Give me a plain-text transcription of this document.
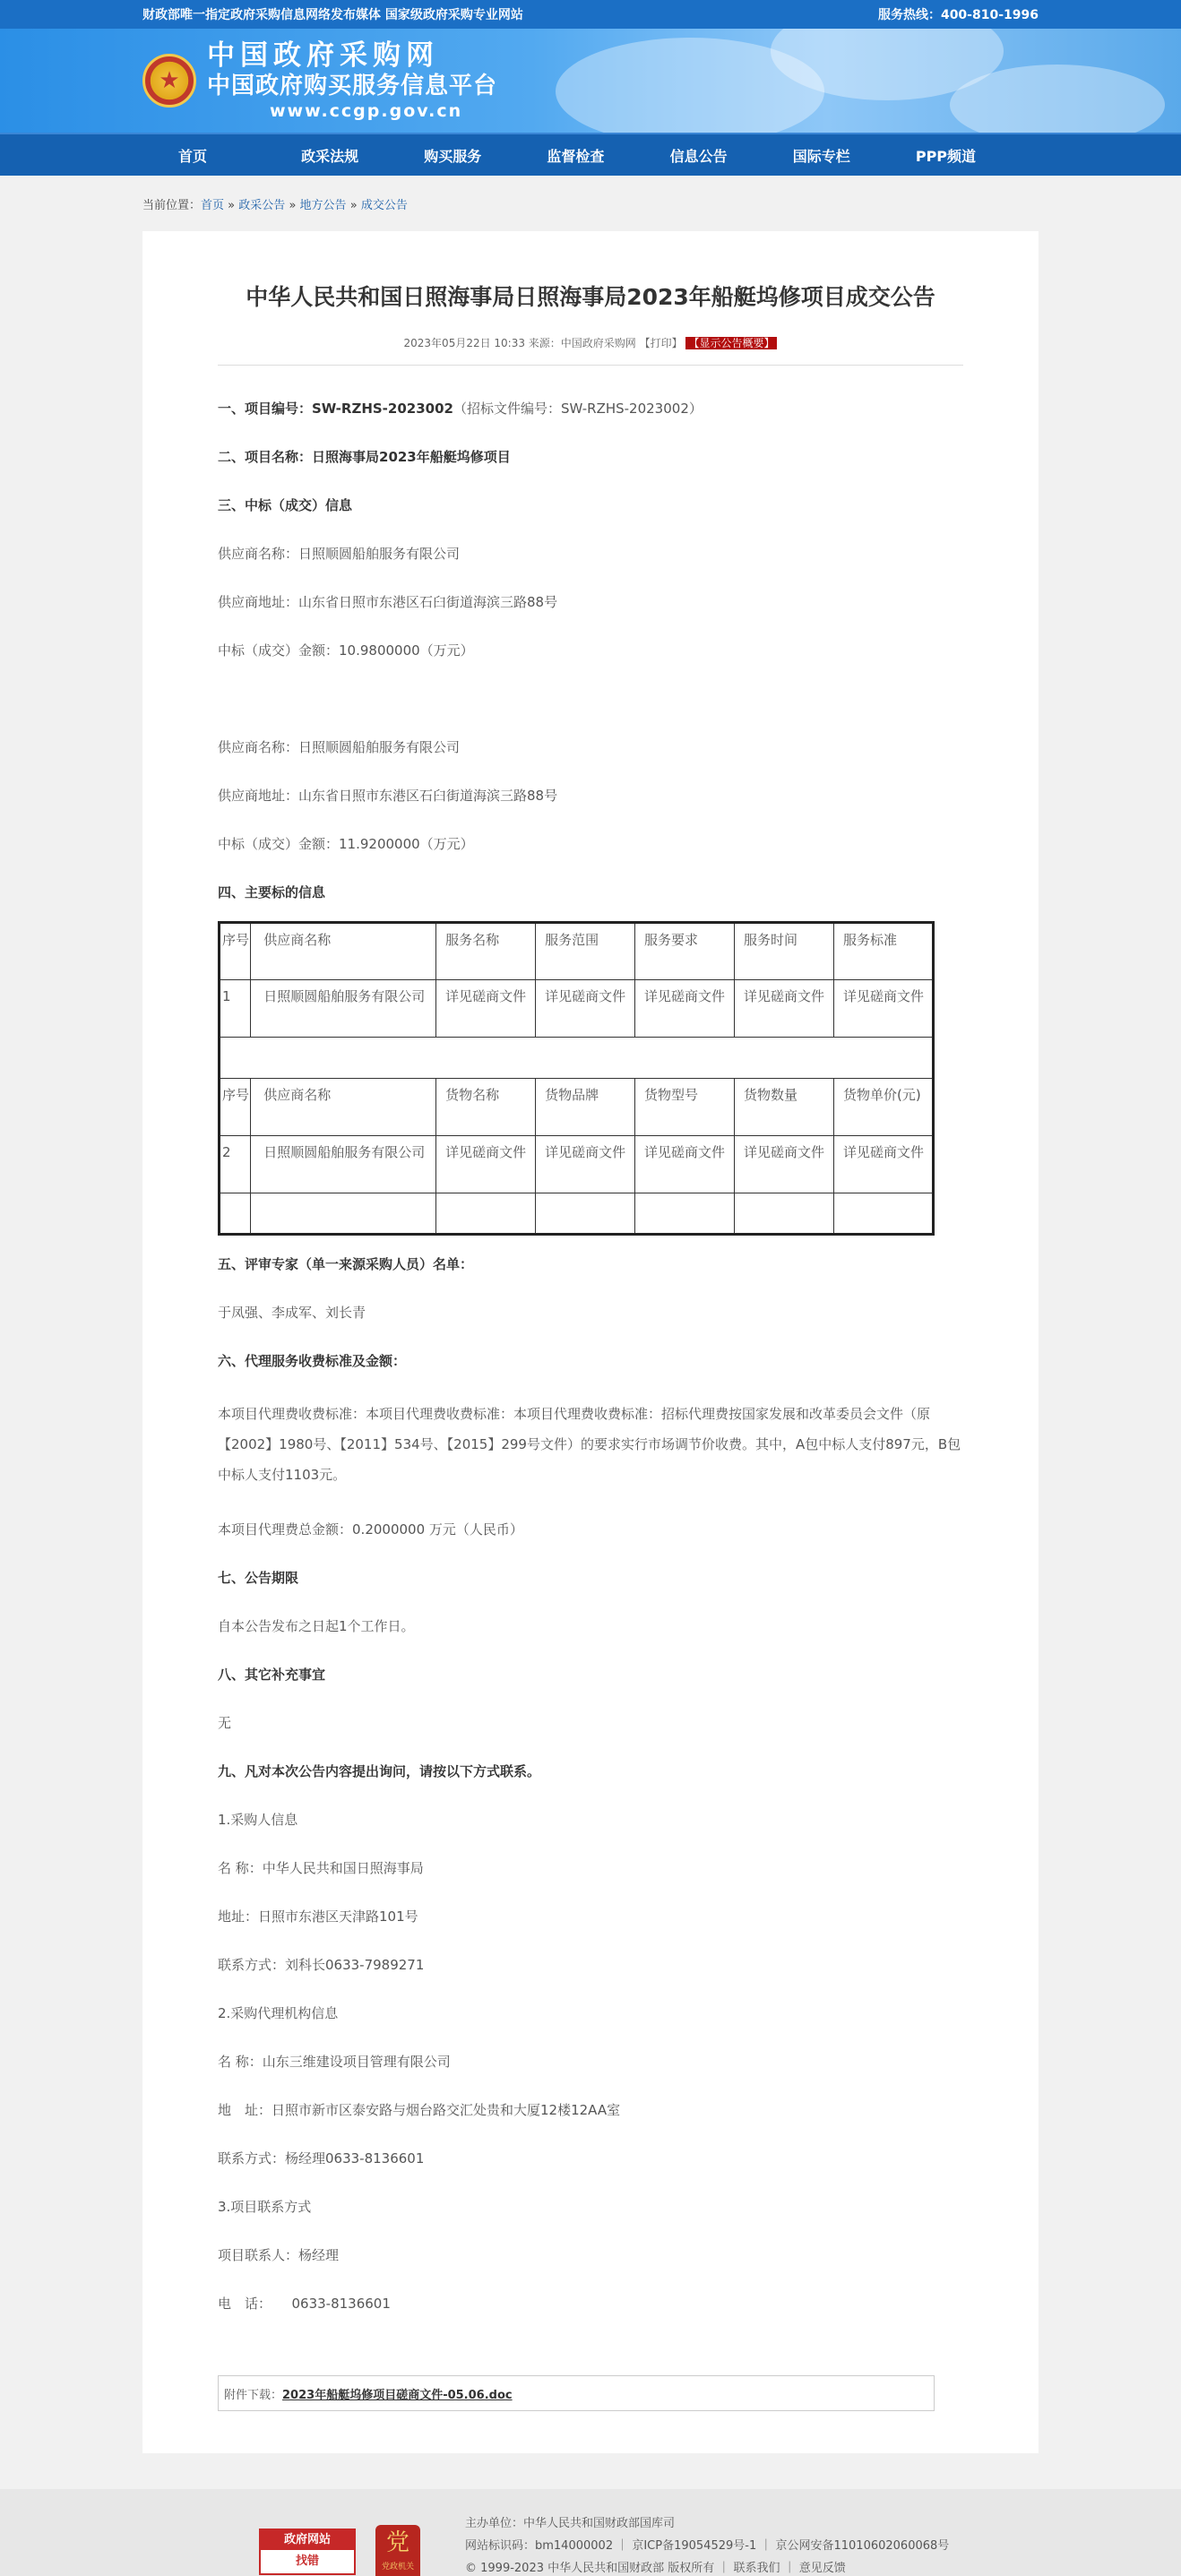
财政部唯一指定政府采购信息网络发布媒体 国家级政府采购专业网站	服务热线：400-810-1996
★
中国政府采购网
中国政府购买服务信息平台
www.ccgp.gov.cn
首页	政采法规	购买服务	监督检查	信息公告	国际专栏	PPP频道
当前位置：首页 » 政采公告 » 地方公告 » 成交公告
中华人民共和国日照海事局日照海事局2023年船艇坞修项目成交公告
2023年05月22日 10:33 来源：中国政府采购网 【打印】 【显示公告概要】
一、项目编号：SW-RZHS-2023002（招标文件编号：SW-RZHS-2023002）
二、项目名称：日照海事局2023年船艇坞修项目
三、中标（成交）信息
供应商名称：日照顺圆船舶服务有限公司
供应商地址：山东省日照市东港区石臼街道海滨三路88号
中标（成交）金额：10.9800000（万元）
供应商名称：日照顺圆船舶服务有限公司
供应商地址：山东省日照市东港区石臼街道海滨三路88号
中标（成交）金额：11.9200000（万元）
四、主要标的信息
序号	供应商名称	服务名称	服务范围	服务要求	服务时间	服务标准
1	日照顺圆船舶服务有限公司	详见磋商文件	详见磋商文件	详见磋商文件	详见磋商文件	详见磋商文件

序号	供应商名称	货物名称	货物品牌	货物型号	货物数量	货物单价(元)
2	日照顺圆船舶服务有限公司	详见磋商文件	详见磋商文件	详见磋商文件	详见磋商文件	详见磋商文件

五、评审专家（单一来源采购人员）名单：
于凤强、李成军、刘长青
六、代理服务收费标准及金额：
本项目代理费收费标准：本项目代理费收费标准：本项目代理费收费标准：招标代理费按国家发展和改革委员会文件（原【2002】1980号、【2011】534号、【2015】299号文件）的要求实行市场调节价收费。其中，A包中标人支付897元，B包中标人支付1103元。
本项目代理费总金额：0.2000000 万元（人民币）
七、公告期限
自本公告发布之日起1个工作日。
八、其它补充事宜
无
九、凡对本次公告内容提出询问，请按以下方式联系。
1.采购人信息
名 称：中华人民共和国日照海事局
地址：日照市东港区天津路101号
联系方式：刘科长0633-7989271
2.采购代理机构信息
名 称：山东三维建设项目管理有限公司
地　址：日照市新市区泰安路与烟台路交汇处贵和大厦12楼12AA室
联系方式：杨经理0633-8136601
3.项目联系方式
项目联系人：杨经理
电　话：　　0633-8136601
附件下载： 2023年船艇坞修项目磋商文件-05.06.doc
政府网站
找错
党
党政机关
主办单位：中华人民共和国财政部国库司
网站标识码：bm14000002 ｜ 京ICP备19054529号-1 ｜ 京公网安备11010602060068号
© 1999-2023 中华人民共和国财政部 版权所有 ｜ 联系我们 ｜ 意见反馈
